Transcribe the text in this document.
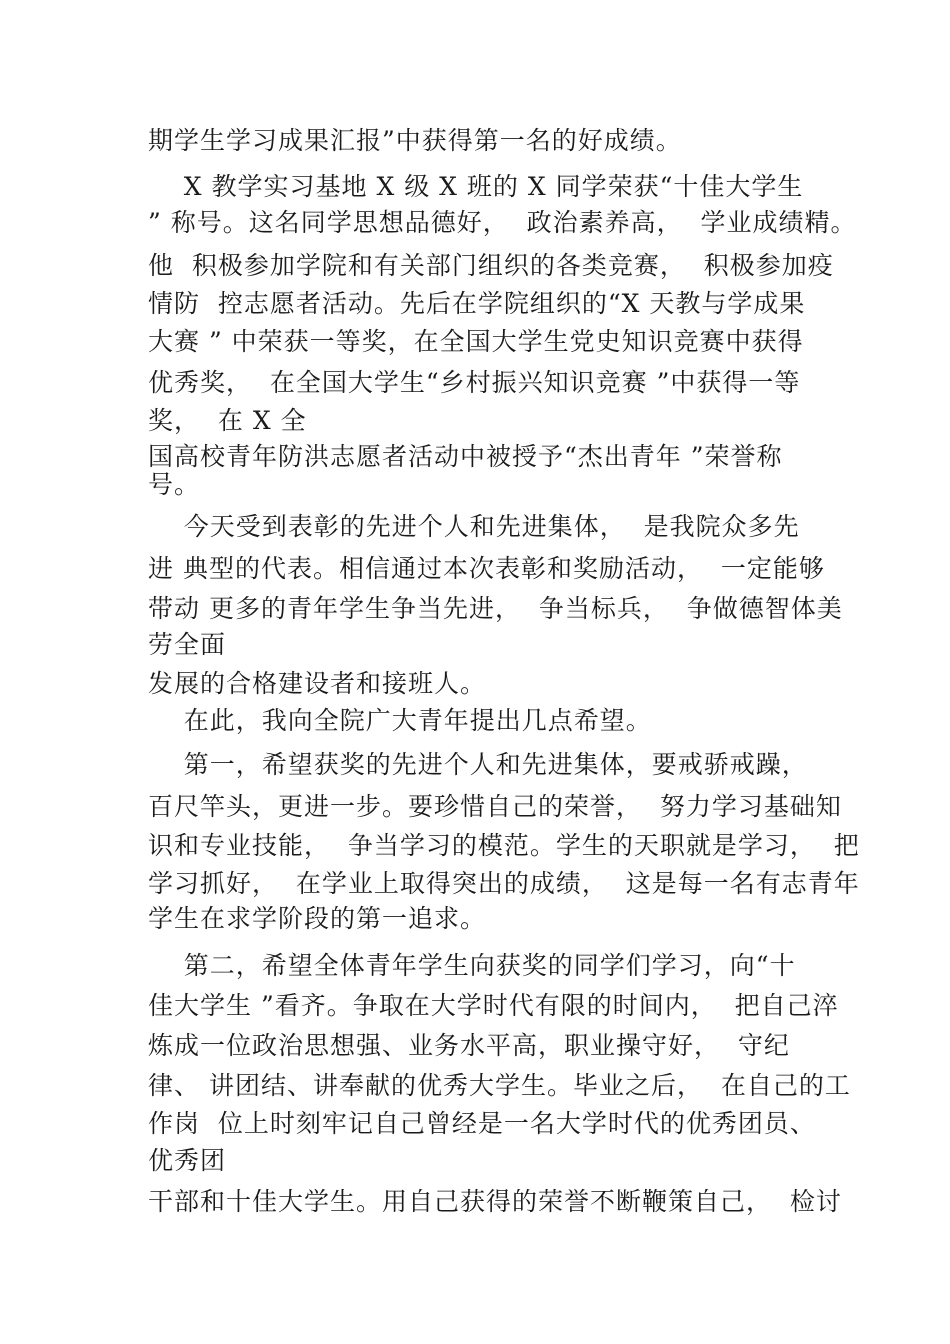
期学生学习成果汇报”中获得第一名的好成绩。
X 教学实习基地 X 级 X 班的 X 同学荣获“十佳大学生
” 称号。这名同学思想品德好，  政治素养高，  学业成绩精。
他  积极参加学院和有关部门组织的各类竞赛，  积极参加疫
情防  控志愿者活动。先后在学院组织的“X 天教与学成果
大赛 ” 中荣获一等奖，在全国大学生党史知识竞赛中获得
优秀奖，  在全国大学生“乡村振兴知识竞赛 ”中获得一等
奖，  在 X 全
国高校青年防洪志愿者活动中被授予“杰出青年 ”荣誉称
号。
今天受到表彰的先进个人和先进集体，  是我院众多先
进 典型的代表。相信通过本次表彰和奖励活动，  一定能够
带动 更多的青年学生争当先进，  争当标兵，  争做德智体美
劳全面
发展的合格建设者和接班人。
在此，我向全院广大青年提出几点希望。
第一，希望获奖的先进个人和先进集体，要戒骄戒躁，
百尺竿头，更进一步。要珍惜自己的荣誉，  努力学习基础知
识和专业技能，  争当学习的模范。学生的天职就是学习，  把
学习抓好，  在学业上取得突出的成绩，  这是每一名有志青年
学生在求学阶段的第一追求。
第二，希望全体青年学生向获奖的同学们学习，向“十
佳大学生 ”看齐。争取在大学时代有限的时间内，  把自己淬
炼成一位政治思想强、业务水平高，职业操守好，  守纪
律、 讲团结、讲奉献的优秀大学生。毕业之后，  在自己的工
作岗  位上时刻牢记自己曾经是一名大学时代的优秀团员、
优秀团
干部和十佳大学生。用自己获得的荣誉不断鞭策自己，  检讨
